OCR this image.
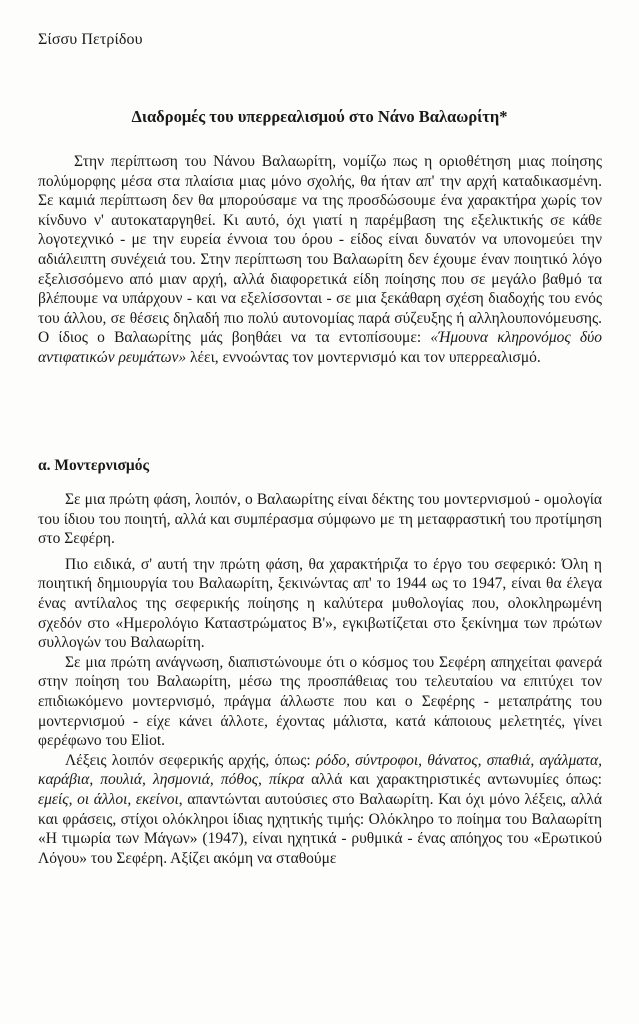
Σίσσυ Πετρίδου
Διαδρομές του υπερρεαλισμού στο Νάνο Βαλαωρίτη*

Στην περίπτωση του Νάνου Βαλαωρίτη, νομίζω πως η οριοθέτηση μιας ποίησης πολύμορφης μέσα στα πλαίσια μιας μόνο σχολής, θα ήταν απ' την αρχή καταδικασμένη. Σε καμιά περίπτωση δεν θα μπορούσαμε να της προσδώσουμε ένα χαρακτήρα χωρίς τον κίνδυνο ν' αυτοκαταργηθεί. Κι αυτό, όχι γιατί η παρέμβαση της εξελικτικής σε κάθε λογοτεχνικό - με την ευρεία έννοια του όρου - είδος είναι δυνατόν να υπονομεύει την αδιάλειπτη συνέχειά του. Στην περίπτωση του Βαλαωρίτη δεν έχουμε έναν ποιητικό λόγο εξελισσόμενο από μιαν αρχή, αλλά διαφορετικά είδη ποίησης που σε μεγάλο βαθμό τα βλέπουμε να υπάρχουν - και να εξελίσσονται - σε μια ξεκάθαρη σχέση διαδοχής του ενός του άλλου, σε θέσεις δηλαδή πιο πολύ αυτονομίας παρά σύζευξης ή αλληλουπονόμευσης. Ο ίδιος ο Βαλαωρίτης μάς βοηθάει να τα εντοπίσουμε: «Ήμουνα κληρονόμος δύο αντιφατικών ρευμάτων» λέει, εννοώντας τον μοντερνισμό και τον υπερρεαλισμό.

α. Μοντερνισμός

Σε μια πρώτη φάση, λοιπόν, ο Βαλαωρίτης είναι δέκτης του μοντερνισμού - ομολογία του ίδιου του ποιητή, αλλά και συμπέρασμα σύμφωνο με τη μεταφραστική του προτίμηση στο Σεφέρη.

Πιο ειδικά, σ' αυτή την πρώτη φάση, θα χαρακτήριζα το έργο του σεφερικό: Όλη η ποιητική δημιουργία του Βαλαωρίτη, ξεκινώντας απ' το 1944 ως το 1947, είναι θα έλεγα ένας αντίλαλος της σεφερικής ποίησης η καλύτερα μυθολογίας που, ολοκληρωμένη σχεδόν στο «Ημερολόγιο Καταστρώματος Β'», εγκιβωτίζεται στο ξεκίνημα των πρώτων συλλογών του Βαλαωρίτη.

Σε μια πρώτη ανάγνωση, διαπιστώνουμε ότι ο κόσμος του Σεφέρη απηχείται φανερά στην ποίηση του Βαλαωρίτη, μέσω της προσπάθειας του τελευταίου να επιτύχει τον επιδιωκόμενο μοντερνισμό, πράγμα άλλωστε που και ο Σεφέρης - μεταπράτης του μοντερνισμού - είχε κάνει άλλοτε, έχοντας μάλιστα, κατά κάποιους μελετητές, γίνει φερέφωνο του Eliot.

Λέξεις λοιπόν σεφερικής αρχής, όπως: ρόδο, σύντροφοι, θάνατος, σπαθιά, αγάλματα, καράβια, πουλιά, λησμονιά, πόθος, πίκρα αλλά και χαρακτηριστικές αντωνυμίες όπως: εμείς, οι άλλοι, εκείνοι, απαντώνται αυτούσιες στο Βαλαωρίτη. Και όχι μόνο λέξεις, αλλά και φράσεις, στίχοι ολόκληροι ίδιας ηχητικής τιμής: Ολόκληρο το ποίημα του Βαλαωρίτη «Η τιμωρία των Μάγων» (1947), είναι ηχητικά - ρυθμικά - ένας απόηχος του «Ερωτικού Λόγου» του Σεφέρη. Αξίζει ακόμη να σταθούμε
